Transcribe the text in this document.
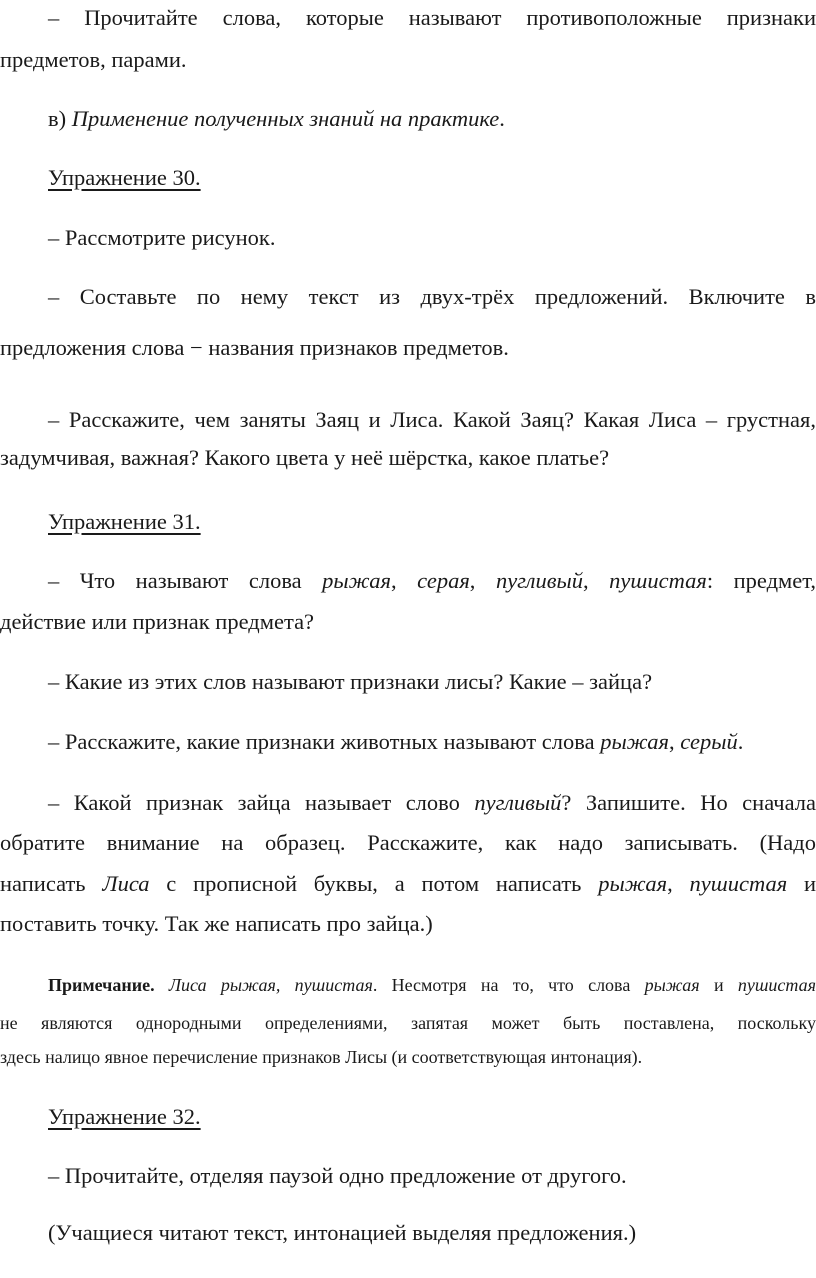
– Прочитайте слова, которые называют противоположные признаки
предметов, парами.
в) Применение полученных знаний на практике.
Упражнение 30.
– Рассмотрите рисунок.
– Составьте по нему текст из двух-трёх предложений. Включите в
предложения слова − названия признаков предметов.
– Расскажите, чем заняты Заяц и Лиса. Какой Заяц? Какая Лиса – грустная,
задумчивая, важная? Какого цвета у неё шёрстка, какое платье?
Упражнение 31.
– Что называют слова рыжая, серая, пугливый, пушистая: предмет,
действие или признак предмета?
– Какие из этих слов называют признаки лисы? Какие – зайца?
– Расскажите, какие признаки животных называют слова рыжая, серый.
– Какой признак зайца называет слово пугливый? Запишите. Но сначала
обратите внимание на образец. Расскажите, как надо записывать. (Надо
написать Лиса с прописной буквы, а потом написать рыжая, пушистая и
поставить точку. Так же написать про зайца.)
Примечание. Лиса рыжая, пушистая. Несмотря на то, что слова рыжая и пушистая
не являются однородными определениями, запятая может быть поставлена, поскольку
здесь налицо явное перечисление признаков Лисы (и соответствующая интонация).
Упражнение 32.
– Прочитайте, отделяя паузой одно предложение от другого.
(Учащиеся читают текст, интонацией выделяя предложения.)
